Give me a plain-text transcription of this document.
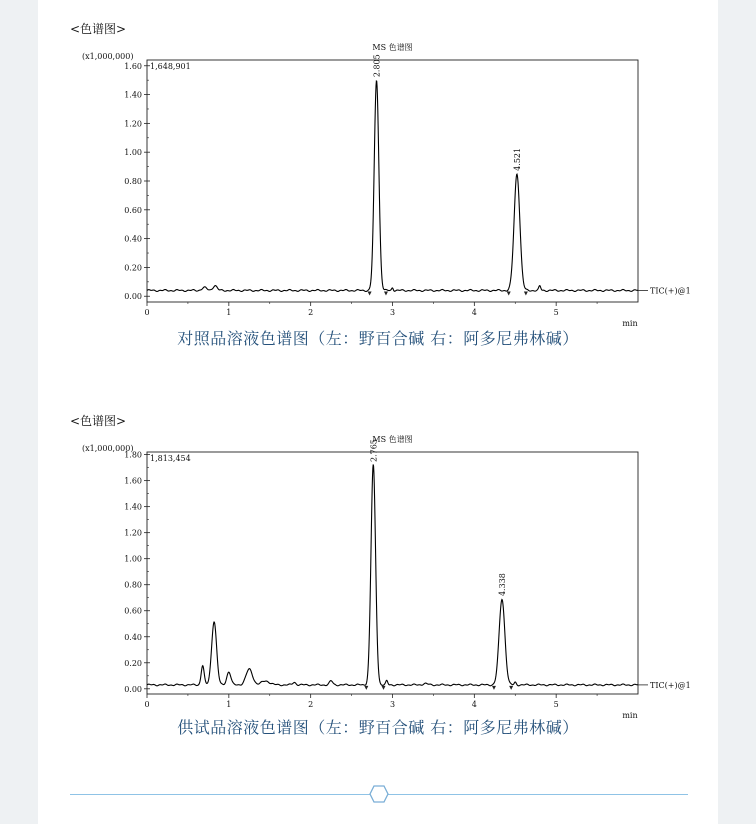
<色谱图>
MS 色谱图
(x1,000,000)
1,648,901
0.00
0.20
0.40
0.60
0.80
1.00
1.20
1.40
1.60
0	1	2	3	4	5
min
TIC(+)@1
2.805
4.521
对照品溶液色谱图（左：野百合碱 右：阿多尼弗林碱）
<色谱图>
MS 色谱图
(x1,000,000)
1,813,454
0.00
0.20
0.40
0.60
0.80
1.00
1.20
1.40
1.60
1.80
0	1	2	3	4	5
min
TIC(+)@1
2.765
4.338
供试品溶液色谱图（左：野百合碱 右：阿多尼弗林碱）
